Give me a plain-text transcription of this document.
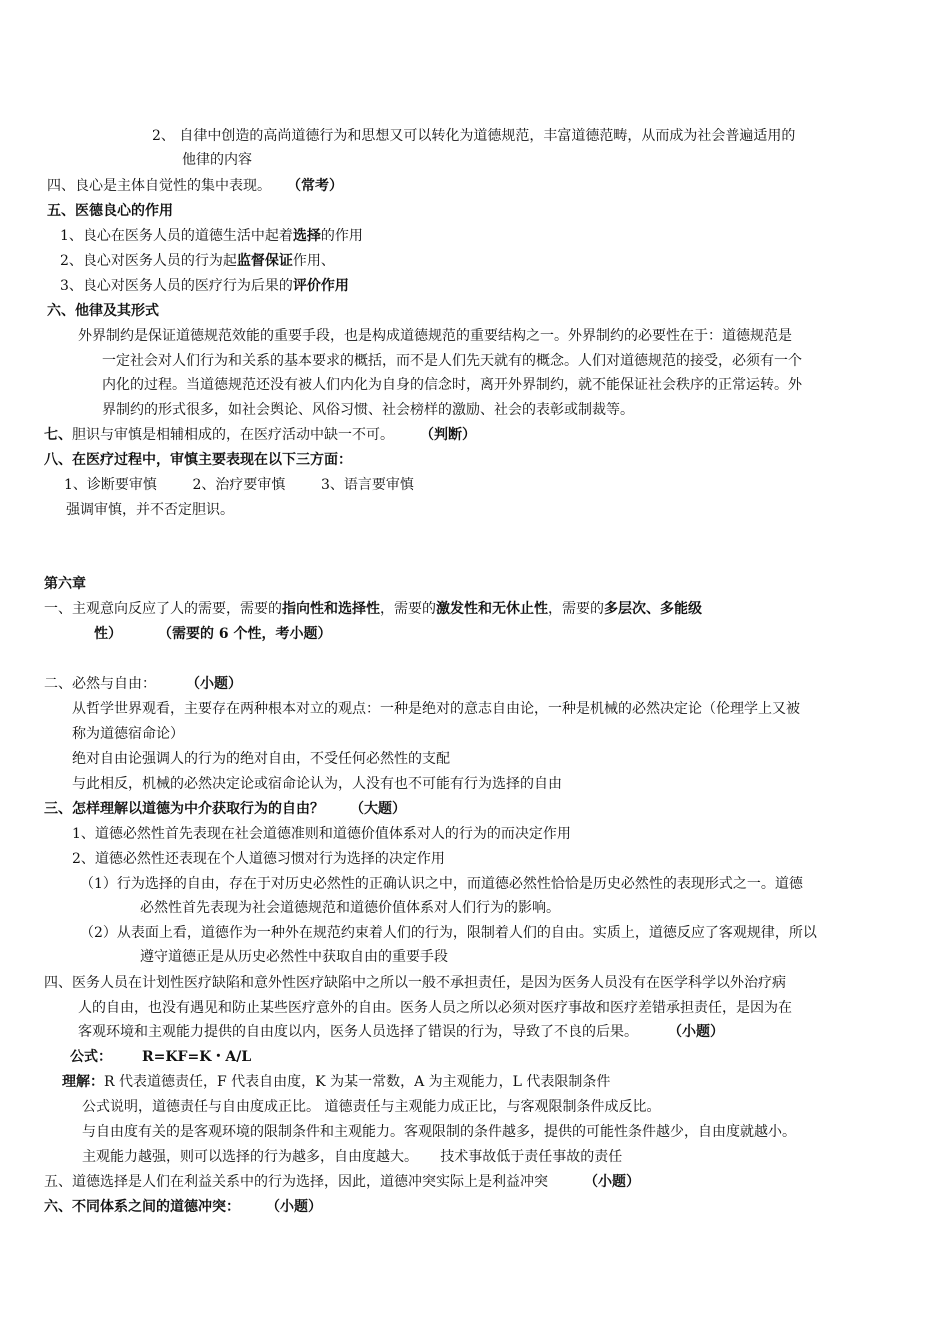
2、 自律中创造的高尚道德行为和思想又可以转化为道德规范，丰富道德范畴，从而成为社会普遍适用的
他律的内容
四、良心是主体自觉性的集中表现。 （常考）
五、医德良心的作用
1、良心在医务人员的道德生活中起着选择的作用
2、良心对医务人员的行为起监督保证作用、
3、良心对医务人员的医疗行为后果的评价作用
六、他律及其形式
外界制约是保证道德规范效能的重要手段，也是构成道德规范的重要结构之一。外界制约的必要性在于：道德规范是
一定社会对人们行为和关系的基本要求的概括，而不是人们先天就有的概念。人们对道德规范的接受，必须有一个
内化的过程。当道德规范还没有被人们内化为自身的信念时，离开外界制约，就不能保证社会秩序的正常运转。外
界制约的形式很多，如社会舆论、风俗习惯、社会榜样的激励、社会的表彰或制裁等。
七、胆识与审慎是相辅相成的，在医疗活动中缺一不可。 （判断）
八、在医疗过程中，审慎主要表现在以下三方面：
1、诊断要审慎        2、治疗要审慎        3、语言要审慎
强调审慎，并不否定胆识。
第六章
一、主观意向反应了人的需要，需要的指向性和选择性，需要的激发性和无休止性，需要的多层次、多能级
性）	（需要的 6 个性，考小题）
二、必然与自由： （小题）
从哲学世界观看，主要存在两种根本对立的观点：一种是绝对的意志自由论，一种是机械的必然决定论（伦理学上又被
称为道德宿命论）
绝对自由论强调人的行为的绝对自由，不受任何必然性的支配
与此相反，机械的必然决定论或宿命论认为，人没有也不可能有行为选择的自由
三、怎样理解以道德为中介获取行为的自由？ （大题）
1、道德必然性首先表现在社会道德准则和道德价值体系对人的行为的而决定作用
2、道德必然性还表现在个人道德习惯对行为选择的决定作用
（1）行为选择的自由，存在于对历史必然性的正确认识之中，而道德必然性恰恰是历史必然性的表现形式之一。道德
必然性首先表现为社会道德规范和道德价值体系对人们行为的影响。
（2）从表面上看，道德作为一种外在规范约束着人们的行为，限制着人们的自由。实质上，道德反应了客观规律，所以
遵守道德正是从历史必然性中获取自由的重要手段
四、医务人员在计划性医疗缺陷和意外性医疗缺陷中之所以一般不承担责任，是因为医务人员没有在医学科学以外治疗病
人的自由，也没有遇见和防止某些医疗意外的自由。医务人员之所以必须对医疗事故和医疗差错承担责任，是因为在
客观环境和主观能力提供的自由度以内，医务人员选择了错误的行为，导致了不良的后果。 （小题）
公式： R=KF=K・A/L
理解：R 代表道德责任，F 代表自由度，K 为某一常数，A 为主观能力，L 代表限制条件
公式说明，道德责任与自由度成正比。 道德责任与主观能力成正比，与客观限制条件成反比。
与自由度有关的是客观环境的限制条件和主观能力。客观限制的条件越多，提供的可能性条件越少，自由度就越小。
主观能力越强，则可以选择的行为越多，自由度越大。     技术事故低于责任事故的责任
五、道德选择是人们在利益关系中的行为选择，因此，道德冲突实际上是利益冲突	（小题）
六、不同体系之间的道德冲突： （小题）
